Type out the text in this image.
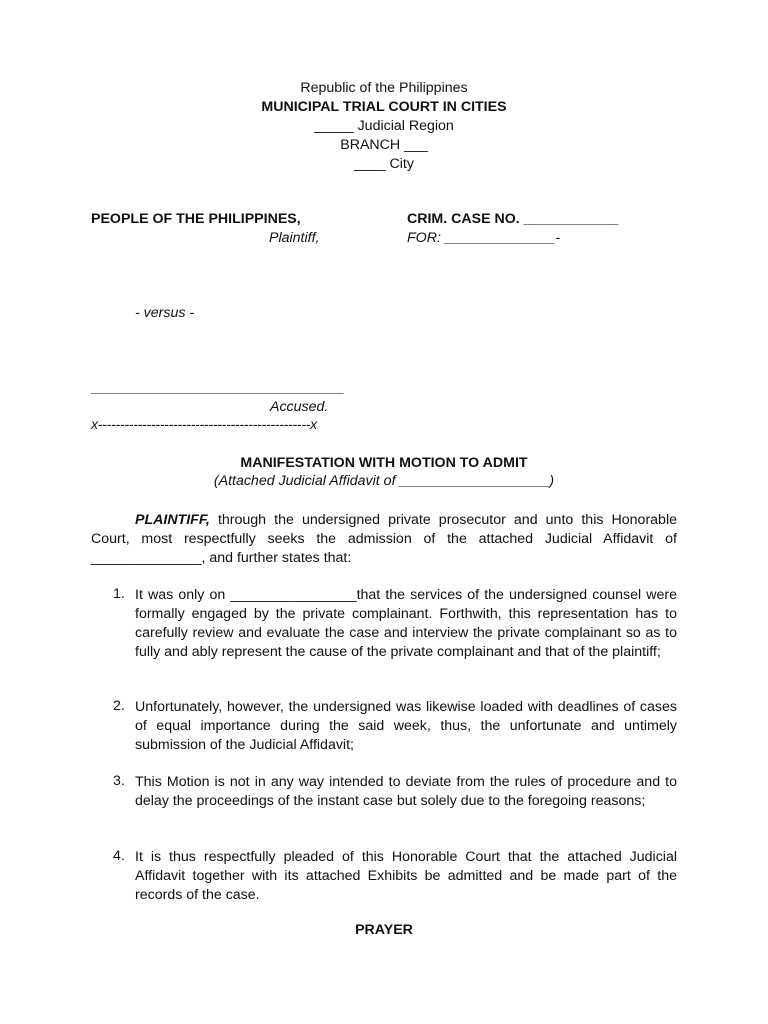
Republic of the Philippines
MUNICIPAL TRIAL COURT IN CITIES
_____ Judicial Region
BRANCH ___
____ City
PEOPLE OF THE PHILIPPINES,
Plaintiff,
CRIM. CASE NO. ____________
FOR: ______________-
- versus -
________________________________
Accused.
x------------------------------------------------x
MANIFESTATION WITH MOTION TO ADMIT
(Attached Judicial Affidavit of ___________________)
PLAINTIFF, through the undersigned private prosecutor and unto this Honorable Court, most respectfully seeks the admission of the attached Judicial Affidavit of ______________, and further states that:
1. It was only on ________________that the services of the undersigned counsel were formally engaged by the private complainant. Forthwith, this representation has to carefully review and evaluate the case and interview the private complainant so as to fully and ably represent the cause of the private complainant and that of the plaintiff;
2. Unfortunately, however, the undersigned was likewise loaded with deadlines of cases of equal importance during the said week, thus, the unfortunate and untimely submission of the Judicial Affidavit;
3. This Motion is not in any way intended to deviate from the rules of procedure and to delay the proceedings of the instant case but solely due to the foregoing reasons;
4. It is thus respectfully pleaded of this Honorable Court that the attached Judicial Affidavit together with its attached Exhibits be admitted and be made part of the records of the case.
PRAYER
